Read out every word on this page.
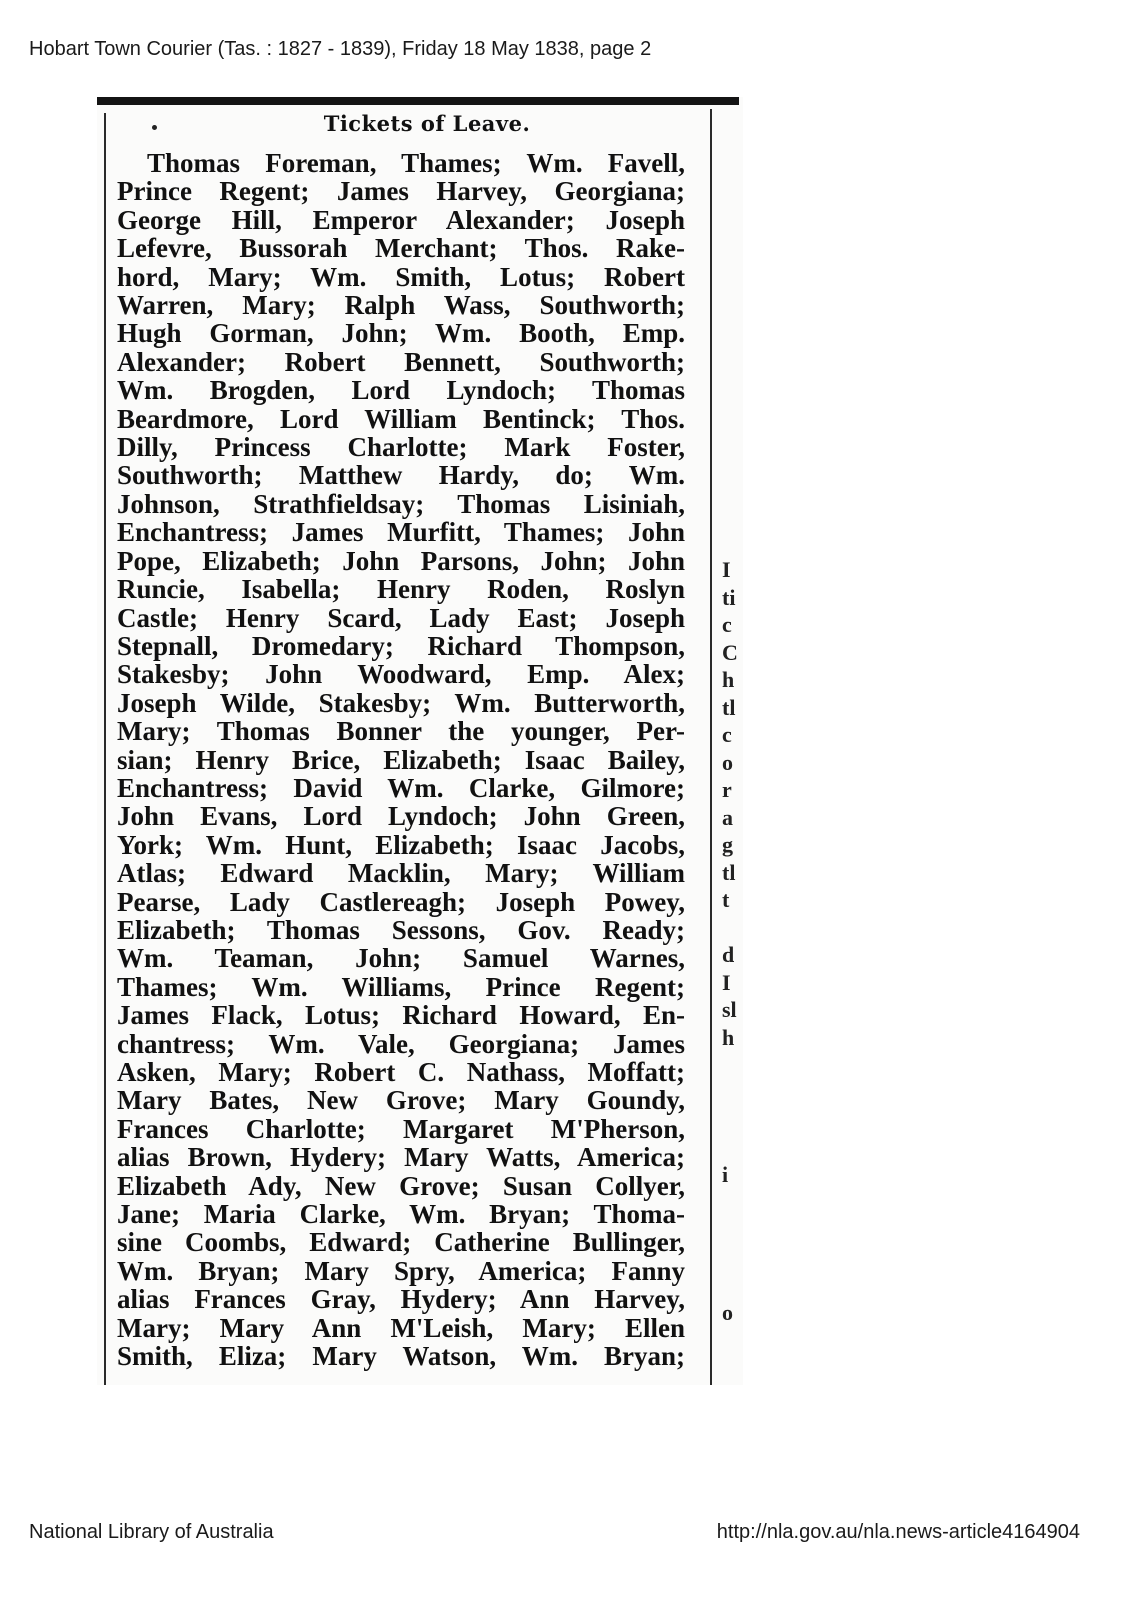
Hobart Town Courier (Tas. : 1827 - 1839), Friday 18 May 1838, page 2
Tickets of Leave.
Thomas Foreman, Thames; Wm. Favell,
Prince Regent; James Harvey, Georgiana;
George Hill, Emperor Alexander; Joseph
Lefevre, Bussorah Merchant; Thos. Rake-
hord, Mary; Wm. Smith, Lotus; Robert
Warren, Mary; Ralph Wass, Southworth;
Hugh Gorman, John; Wm. Booth, Emp.
Alexander; Robert Bennett, Southworth;
Wm. Brogden, Lord Lyndoch; Thomas
Beardmore, Lord William Bentinck; Thos.
Dilly, Princess Charlotte; Mark Foster,
Southworth; Matthew Hardy, do; Wm.
Johnson, Strathfieldsay; Thomas Lisiniah,
Enchantress; James Murfitt, Thames; John
Pope, Elizabeth; John Parsons, John; John
Runcie, Isabella; Henry Roden, Roslyn
Castle; Henry Scard, Lady East; Joseph
Stepnall, Dromedary; Richard Thompson,
Stakesby; John Woodward, Emp. Alex;
Joseph Wilde, Stakesby; Wm. Butterworth,
Mary; Thomas Bonner the younger, Per-
sian; Henry Brice, Elizabeth; Isaac Bailey,
Enchantress; David Wm. Clarke, Gilmore;
John Evans, Lord Lyndoch; John Green,
York; Wm. Hunt, Elizabeth; Isaac Jacobs,
Atlas; Edward Macklin, Mary; William
Pearse, Lady Castlereagh; Joseph Powey,
Elizabeth; Thomas Sessons, Gov. Ready;
Wm. Teaman, John; Samuel Warnes,
Thames; Wm. Williams, Prince Regent;
James Flack, Lotus; Richard Howard, En-
chantress; Wm. Vale, Georgiana; James
Asken, Mary; Robert C. Nathass, Moffatt;
Mary Bates, New Grove; Mary Goundy,
Frances Charlotte; Margaret M'Pherson,
alias Brown, Hydery; Mary Watts, America;
Elizabeth Ady, New Grove; Susan Collyer,
Jane; Maria Clarke, Wm. Bryan; Thoma-
sine Coombs, Edward; Catherine Bullinger,
Wm. Bryan; Mary Spry, America; Fanny
alias Frances Gray, Hydery; Ann Harvey,
Mary; Mary Ann M'Leish, Mary; Ellen
Smith, Eliza; Mary Watson, Wm. Bryan;
I
ti
c
C
h
tl
c
o
r
a
g
tl
t
d
I
sl
h
i
o
National Library of Australia	http://nla.gov.au/nla.news-article4164904
